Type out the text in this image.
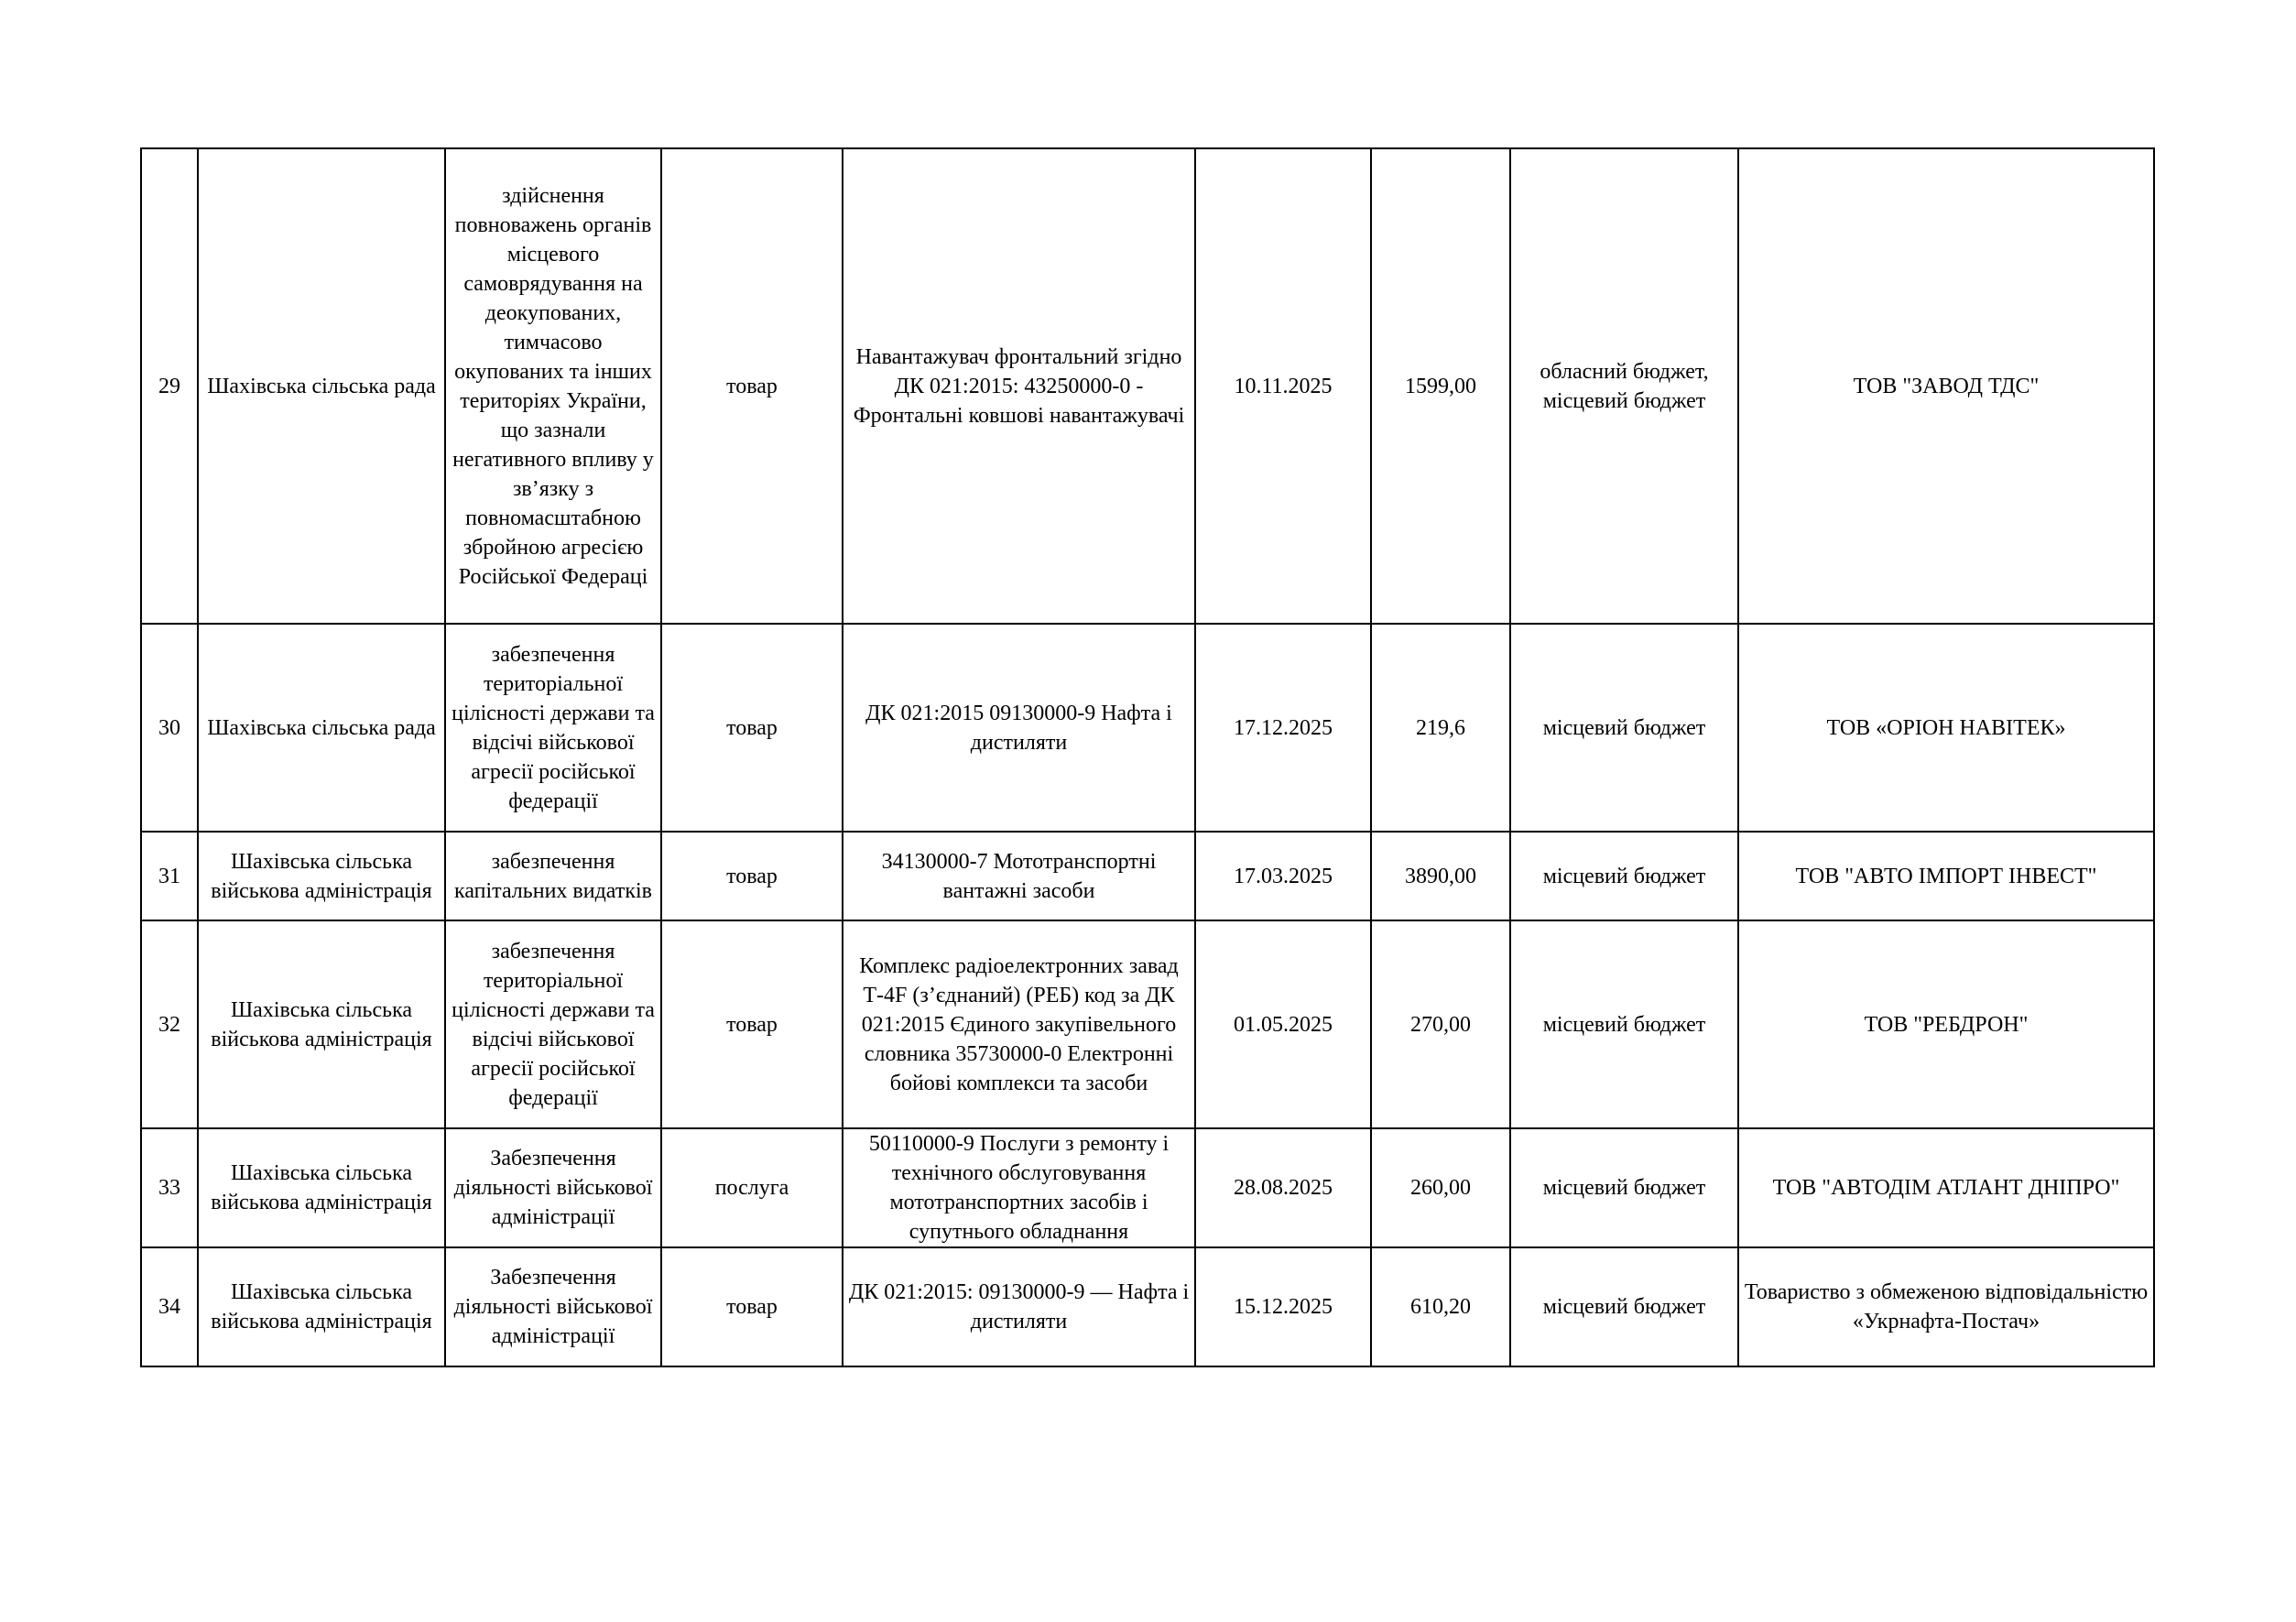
29	Шахівська сільська рада	здійснення повноважень органів місцевого самоврядування на деокупованих, тимчасово окупованих та інших територіях України, що зазнали негативного впливу у зв’язку з повномасштабною збройною агресією Російської Федераці	товар	Навантажувач фронтальний згідно ДК 021:2015: 43250000-0 - Фронтальні ковшові навантажувачі	10.11.2025	1599,00	обласний бюджет, місцевий бюджет	ТОВ "ЗАВОД ТДС"
30	Шахівська сільська рада	забезпечення територіальної цілісності держави та відсічі військової агресії російської федерації	товар	ДК 021:2015 09130000-9 Нафта і дистиляти	17.12.2025	219,6	місцевий бюджет	ТОВ «ОРІОН НАВІТЕК»
31	Шахівська сільська військова адміністрація	забезпечення капітальних видатків	товар	34130000-7 Мототранспортні вантажні засоби	17.03.2025	3890,00	місцевий бюджет	ТОВ "АВТО ІМПОРТ ІНВЕСТ"
32	Шахівська сільська військова адміністрація	забезпечення територіальної цілісності держави та відсічі військової агресії російської федерації	товар	Комплекс радіоелектронних завад Т-4F (з’єднаний) (РЕБ) код за ДК 021:2015 Єдиного закупівельного словника 35730000-0 Електронні бойові комплекси та засоби	01.05.2025	270,00	місцевий бюджет	ТОВ "РЕБДРОН"
33	Шахівська сільська військова адміністрація	Забезпечення діяльності військової адміністрації	послуга	50110000-9 Послуги з ремонту і технічного обслуговування мототранспортних засобів і супутнього обладнання	28.08.2025	260,00	місцевий бюджет	ТОВ "АВТОДІМ АТЛАНТ ДНІПРО"
34	Шахівська сільська військова адміністрація	Забезпечення діяльності військової адміністрації	товар	ДК 021:2015: 09130000-9 — Нафта і дистиляти	15.12.2025	610,20	місцевий бюджет	Товариство з обмеженою відповідальністю «Укрнафта-Постач»
